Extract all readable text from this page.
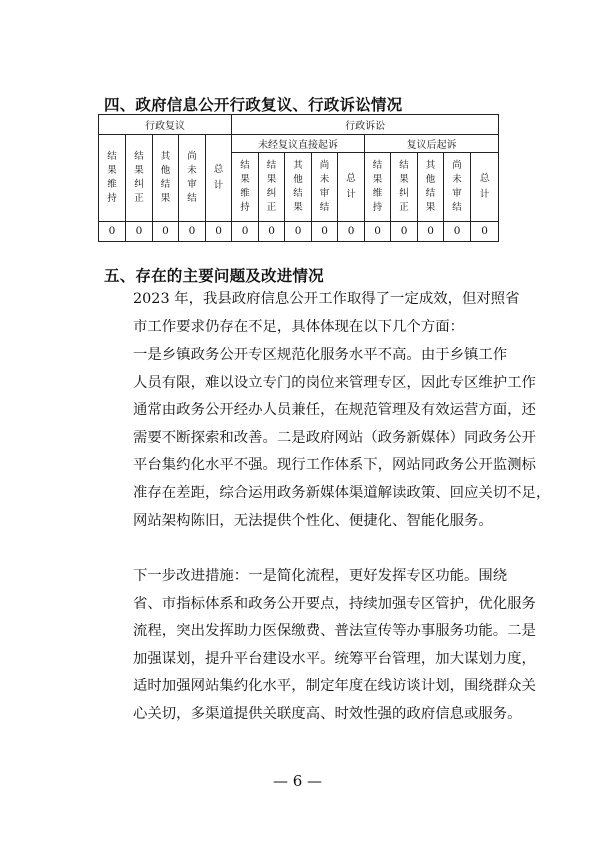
四、政府信息公开行政复议、行政诉讼情况
行政复议					行政诉讼									
结果维持	结果纠正	其他结果	尚未审结	总计	未经复议直接起诉					复议后起诉				
					结果维持	结果纠正	其他结果	尚未审结	总计	结果维持	结果纠正	其他结果	尚未审结	总计
0	0	0	0	0	0	0	0	0	0	0	0	0	0	0
五、存在的主要问题及改进情况
2023 年，我县政府信息公开工作取得了一定成效，但对照省
市工作要求仍存在不足，具体体现在以下几个方面：
一是乡镇政务公开专区规范化服务水平不高。由于乡镇工作
人员有限，难以设立专门的岗位来管理专区，因此专区维护工作
通常由政务公开经办人员兼任，在规范管理及有效运营方面，还
需要不断探索和改善。二是政府网站（政务新媒体）同政务公开
平台集约化水平不强。现行工作体系下，网站同政务公开监测标
准存在差距，综合运用政务新媒体渠道解读政策、回应关切不足，
网站架构陈旧，无法提供个性化、便捷化、智能化服务。
下一步改进措施：一是简化流程，更好发挥专区功能。围绕
省、市指标体系和政务公开要点，持续加强专区管护，优化服务
流程，突出发挥助力医保缴费、普法宣传等办事服务功能。二是
加强谋划，提升平台建设水平。统筹平台管理，加大谋划力度，
适时加强网站集约化水平，制定年度在线访谈计划，围绕群众关
心关切，多渠道提供关联度高、时效性强的政府信息或服务。
— 6 —
